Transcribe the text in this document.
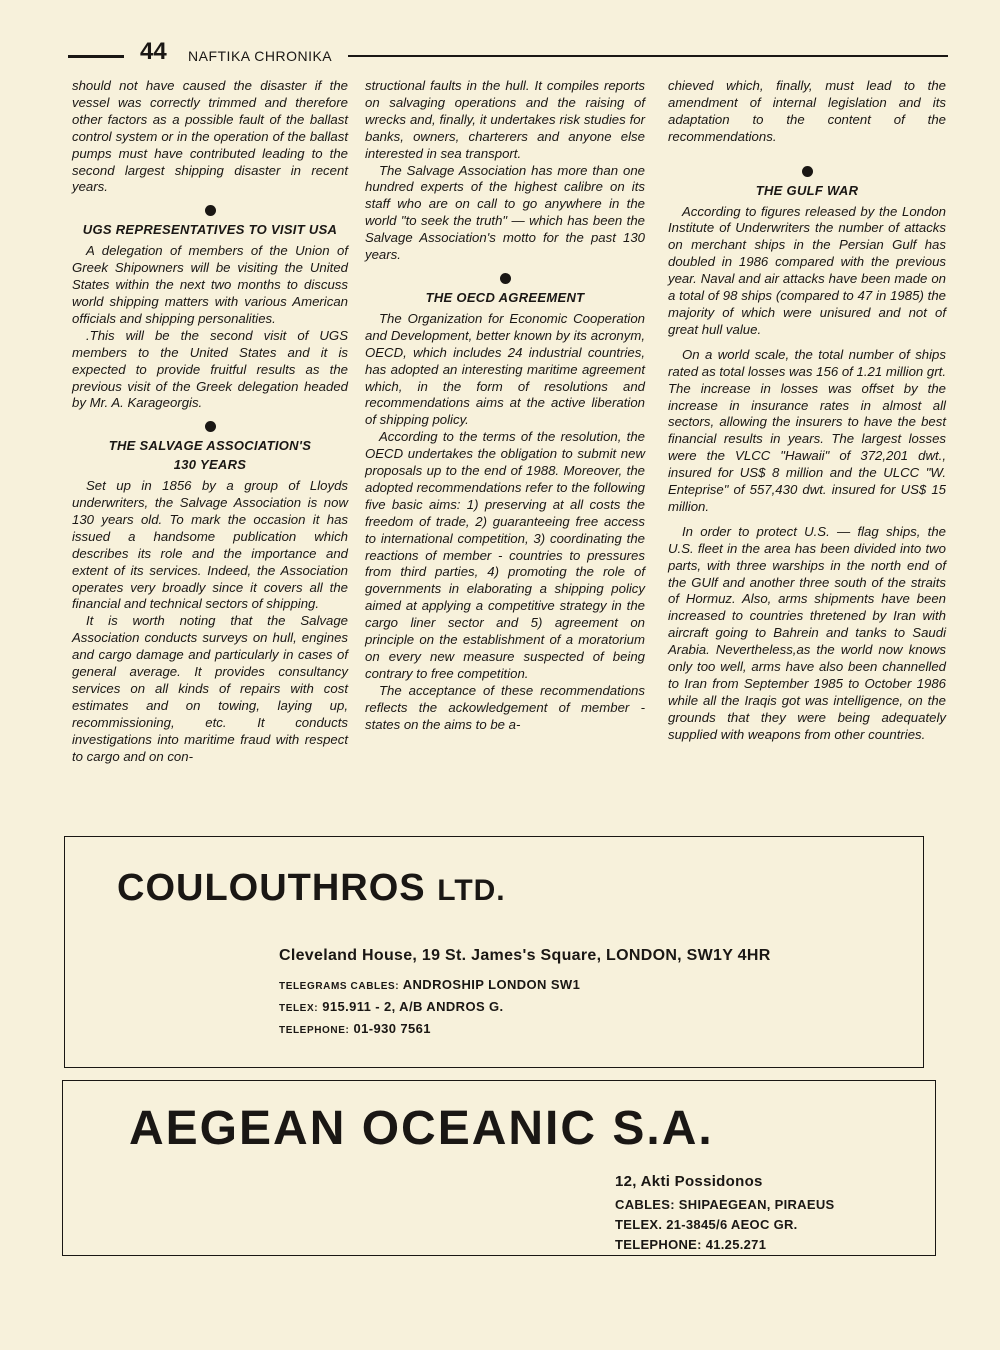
44 NAFTIKA CHRONIKA

should not have caused the disaster if the vessel was correctly trimmed and therefore other factors as a possible fault of the ballast control system or in the operation of the ballast pumps must have contributed leading to the second largest shipping disaster in recent years.

UGS REPRESENTATIVES TO VISIT USA

A delegation of members of the Union of Greek Shipowners will be visiting the United States within the next two months to discuss world shipping matters with various American officials and shipping personalities.

.This will be the second visit of UGS members to the United States and it is expected to provide fruitful results as the previous visit of the Greek delegation headed by Mr. A. Karageorgis.

THE SALVAGE ASSOCIATION'S
130 YEARS

Set up in 1856 by a group of Lloyds underwriters, the Salvage Association is now 130 years old. To mark the occasion it has issued a handsome publication which describes its role and the importance and extent of its services. Indeed, the Association operates very broadly since it covers all the financial and technical sectors of shipping.

It is worth noting that the Salvage Association conducts surveys on hull, engines and cargo damage and particularly in cases of general average. It provides consultancy services on all kinds of repairs with cost estimates and on towing, laying up, recommissioning, etc. It conducts investigations into maritime fraud with respect to cargo and on con-

structional faults in the hull. It compiles reports on salvaging operations and the raising of wrecks and, finally, it undertakes risk studies for banks, owners, charterers and anyone else interested in sea transport.

The Salvage Association has more than one hundred experts of the highest calibre on its staff who are on call to go anywhere in the world "to seek the truth" — which has been the Salvage Association's motto for the past 130 years.

THE OECD AGREEMENT

The Organization for Economic Cooperation and Development, better known by its acronym, OECD, which includes 24 industrial countries, has adopted an interesting maritime agreement which, in the form of resolutions and recommendations aims at the active liberation of shipping policy.

According to the terms of the resolution, the OECD undertakes the obligation to submit new proposals up to the end of 1988. Moreover, the adopted recommendations refer to the following five basic aims: 1) preserving at all costs the freedom of trade, 2) guaranteeing free access to international competition, 3) coordinating the reactions of member - countries to pressures from third parties, 4) promoting the role of governments in elaborating a shipping policy aimed at applying a competitive strategy in the cargo liner sector and 5) agreement on principle on the establishment of a moratorium on every new measure suspected of being contrary to free competition.

The acceptance of these recommendations reflects the ackowledgement of member - states on the aims to be a-

chieved which, finally, must lead to the amendment of internal legislation and its adaptation to the content of the recommendations.

THE GULF WAR

According to figures released by the London Institute of Underwriters the number of attacks on merchant ships in the Persian Gulf has doubled in 1986 compared with the previous year. Naval and air attacks have been made on a total of 98 ships (compared to 47 in 1985) the majority of which were unisured and not of great hull value.

On a world scale, the total number of ships rated as total losses was 156 of 1.21 million grt. The increase in losses was offset by the increase in insurance rates in almost all sectors, allowing the insurers to have the best financial results in years. The largest losses were the VLCC "Hawaii" of 372,201 dwt., insured for US$ 8 million and the ULCC "W. Enteprise" of 557,430 dwt. insured for US$ 15 million.

In order to protect U.S. — flag ships, the U.S. fleet in the area has been divided into two parts, with three warships in the north end of the GUlf and another three south of the straits of Hormuz. Also, arms shipments have been increased to countries thretened by Iran with aircraft going to Bahrein and tanks to Saudi Arabia. Nevertheless,as the world now knows only too well, arms have also been channelled to Iran from September 1985 to October 1986 while all the Iraqis got was intelligence, on the grounds that they were being adequately supplied with weapons from other countries.

COULOUTHROS LTD.
Cleveland House, 19 St. James's Square, LONDON, SW1Y 4HR
TELEGRAMS CABLES: ANDROSHIP LONDON SW1
TELEX: 915.911 - 2, A/B ANDROS G.
TELEPHONE: 01-930 7561
AEGEAN OCEANIC S.A.
12, Akti Possidonos
CABLES: SHIPAEGEAN, PIRAEUS
TELEX. 21-3845/6 AEOC GR.
TELEPHONE: 41.25.271
